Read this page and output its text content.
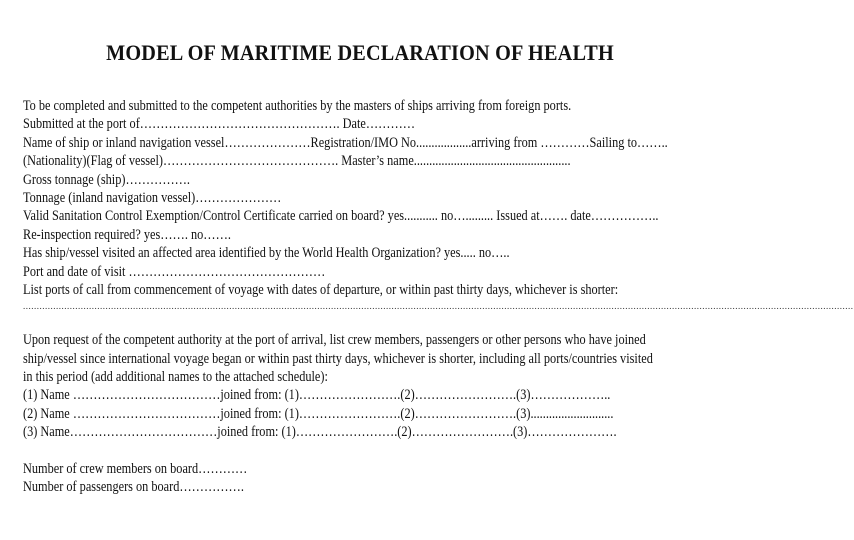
MODEL OF MARITIME DECLARATION OF HEALTH
To be completed and submitted to the competent authorities by the masters of ships arriving from foreign ports.
Submitted at the port of…………………………………………. Date…………
Name of ship or inland navigation vessel…………………Registration/IMO No..................arriving from …………Sailing to……..
(Nationality)(Flag of vessel)……………………………………. Master’s name...................................................
Gross tonnage (ship)…………….
Tonnage (inland navigation vessel)…………………
Valid Sanitation Control Exemption/Control Certificate carried on board? yes........... no…......... Issued at……. date……………..
Re-inspection required? yes……. no…….
Has ship/vessel visited an affected area identified by the World Health Organization? yes..... no…..
Port and date of visit …………………………………………
List ports of call from commencement of voyage with dates of departure, or within past thirty days, whichever is shorter:
..............................................................................................................................................................................................................................................................................................................
Upon request of the competent authority at the port of arrival, list crew members, passengers or other persons who have joined
ship/vessel since international voyage began or within past thirty days, whichever is shorter, including all ports/countries visited
in this period (add additional names to the attached schedule):
(1) Name ………………………………joined from: (1)…………………….(2)…………………….(3)………………..
(2) Name ………………………………joined from: (1)…………………….(2)…………………….(3)...........................
(3) Name………………………………joined from: (1)…………………….(2)…………………….(3)………………….
Number of crew members on board…………
Number of passengers on board…………….
